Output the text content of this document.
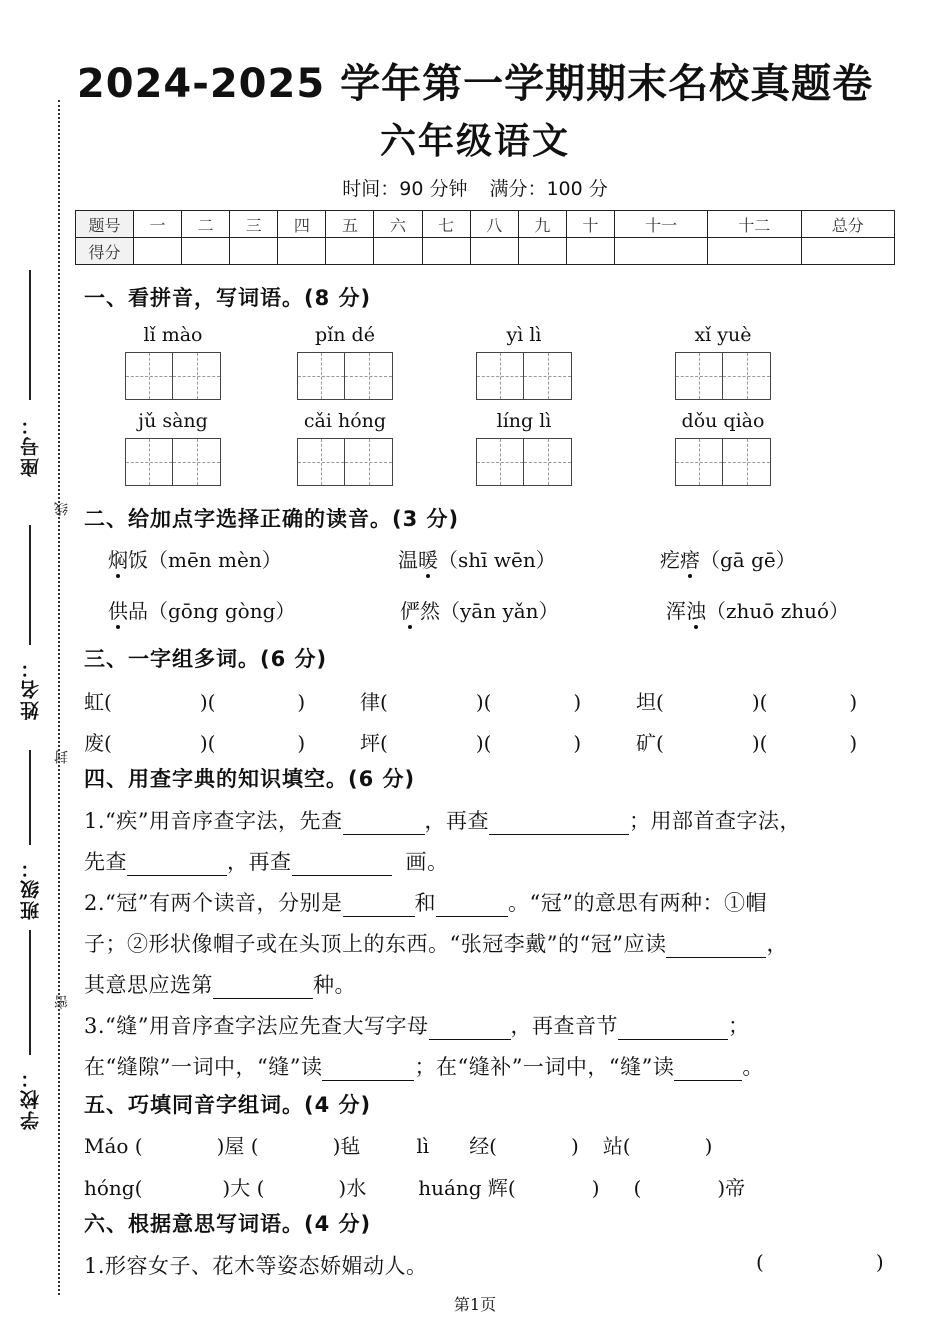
座号：
姓名：
班级：
学校：
线
封
密
2024-2025 学年第一学期期末名校真题卷
六年级语文
时间：90 分钟 满分：100 分
题号	一	二	三	四	五	六	七	八	九	十	十一	十二	总分
得分													
一、看拼音，写词语。(8 分)
lǐ mào	pǐn dé	yì lì	xǐ yuè
jǔ sàng	cǎi hóng	líng lì	dǒu qiào
二、给加点字选择正确的读音。(3 分)
焖饭（mēn mèn）	温暖（shī wēn）	疙瘩（gā gē）
供品（gōng gòng）	俨然（yān yǎn）	浑浊（zhuō zhuó）
三、一字组多词。(6 分)
虹(	)(	)	律(	)(	)	坦(	)(	)
废(	)(	)	坪(	)(	)	矿(	)(	)
四、用查字典的知识填空。(6 分)
1.“疾”用音序查字法，先查	，再查	；用部首查字法，
先查	，再查	画。
2.“冠”有两个读音，分别是	和	。“冠”的意思有两种：①帽
子；②形状像帽子或在头顶上的东西。“张冠李戴”的“冠”应读	，
其意思应选第	种。
3.“缝”用音序查字法应先查大写字母	，再查音节	；
在“缝隙”一词中，“缝”读	；在“缝补”一词中，“缝”读	。
五、巧填同音字组词。(4 分)
Máo (	)屋 (	)毡	lì 经(	) 站(	)
hóng(	)大 (	)水	huáng 辉(	) (	)帝
六、根据意思写词语。(4 分)
1.形容女子、花木等姿态娇媚动人。	(	)
第1页
